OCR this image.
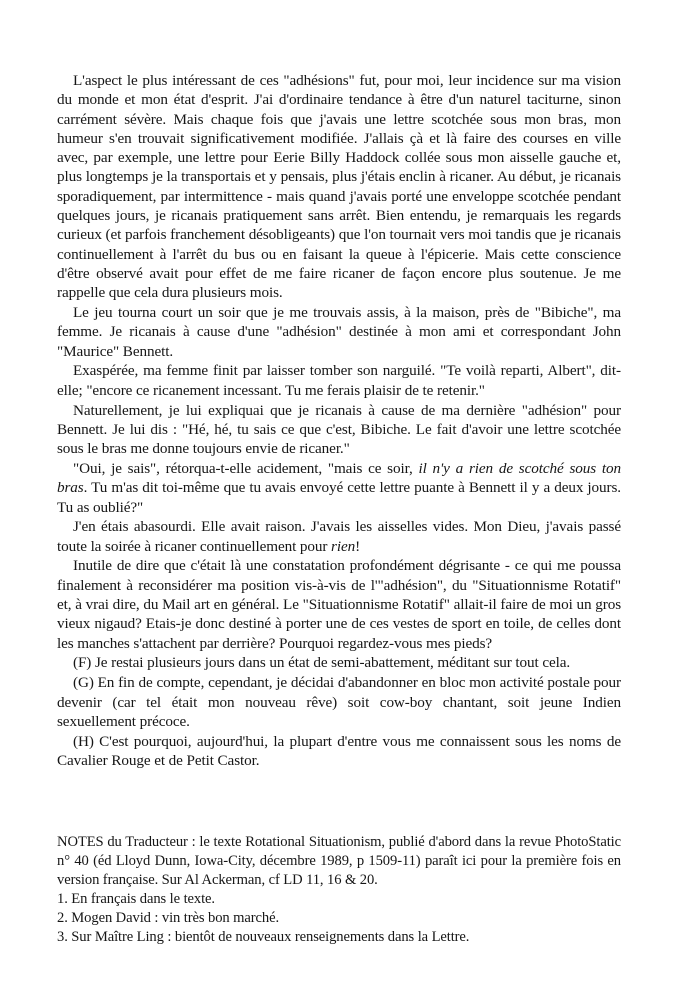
L'aspect le plus intéressant de ces "adhésions" fut, pour moi, leur incidence sur ma vision du monde et mon état d'esprit. J'ai d'ordinaire tendance à être d'un naturel taciturne, sinon carrément sévère. Mais chaque fois que j'avais une lettre scotchée sous mon bras, mon humeur s'en trouvait significativement modifiée. J'allais çà et là faire des courses en ville avec, par exemple, une lettre pour Eerie Billy Haddock collée sous mon aisselle gauche et, plus longtemps je la transportais et y pensais, plus j'étais enclin à ricaner. Au début, je ricanais sporadiquement, par intermittence - mais quand j'avais porté une enveloppe scotchée pendant quelques jours, je ricanais pratiquement sans arrêt. Bien entendu, je remarquais les regards curieux (et parfois franchement désobligeants) que l'on tournait vers moi tandis que je ricanais continuellement à l'arrêt du bus ou en faisant la queue à l'épicerie. Mais cette conscience d'être observé avait pour effet de me faire ricaner de façon encore plus soutenue. Je me rappelle que cela dura plusieurs mois.

Le jeu tourna court un soir que je me trouvais assis, à la maison, près de "Bibiche", ma femme. Je ricanais à cause d'une "adhésion" destinée à mon ami et correspondant John "Maurice" Bennett.

Exaspérée, ma femme finit par laisser tomber son narguilé. "Te voilà reparti, Albert", dit-elle; "encore ce ricanement incessant. Tu me ferais plaisir de te retenir."

Naturellement, je lui expliquai que je ricanais à cause de ma dernière "adhésion" pour Bennett. Je lui dis : "Hé, hé, tu sais ce que c'est, Bibiche. Le fait d'avoir une lettre scotchée sous le bras me donne toujours envie de ricaner."

"Oui, je sais", rétorqua-t-elle acidement, "mais ce soir, il n'y a rien de scotché sous ton bras. Tu m'as dit toi-même que tu avais envoyé cette lettre puante à Bennett il y a deux jours. Tu as oublié?"

J'en étais abasourdi. Elle avait raison. J'avais les aisselles vides. Mon Dieu, j'avais passé toute la soirée à ricaner continuellement pour rien!

Inutile de dire que c'était là une constatation profondément dégrisante - ce qui me poussa finalement à reconsidérer ma position vis-à-vis de l'"adhésion", du "Situationnisme Rotatif" et, à vrai dire, du Mail art en général. Le "Situationnisme Rotatif" allait-il faire de moi un gros vieux nigaud? Etais-je donc destiné à porter une de ces vestes de sport en toile, de celles dont les manches s'attachent par derrière? Pourquoi regardez-vous mes pieds?

(F) Je restai plusieurs jours dans un état de semi-abattement, méditant sur tout cela.

(G) En fin de compte, cependant, je décidai d'abandonner en bloc mon activité postale pour devenir (car tel était mon nouveau rêve) soit cow-boy chantant, soit jeune Indien sexuellement précoce.

(H) C'est pourquoi, aujourd'hui, la plupart d'entre vous me connaissent sous les noms de Cavalier Rouge et de Petit Castor.

NOTES du Traducteur : le texte Rotational Situationism, publié d'abord dans la revue PhotoStatic n° 40 (éd Lloyd Dunn, Iowa-City, décembre 1989, p 1509-11) paraît ici pour la première fois en version française. Sur Al Ackerman, cf LD 11, 16 & 20.

1. En français dans le texte.
2. Mogen David : vin très bon marché.
3. Sur Maître Ling : bientôt de nouveaux renseignements dans la Lettre.
